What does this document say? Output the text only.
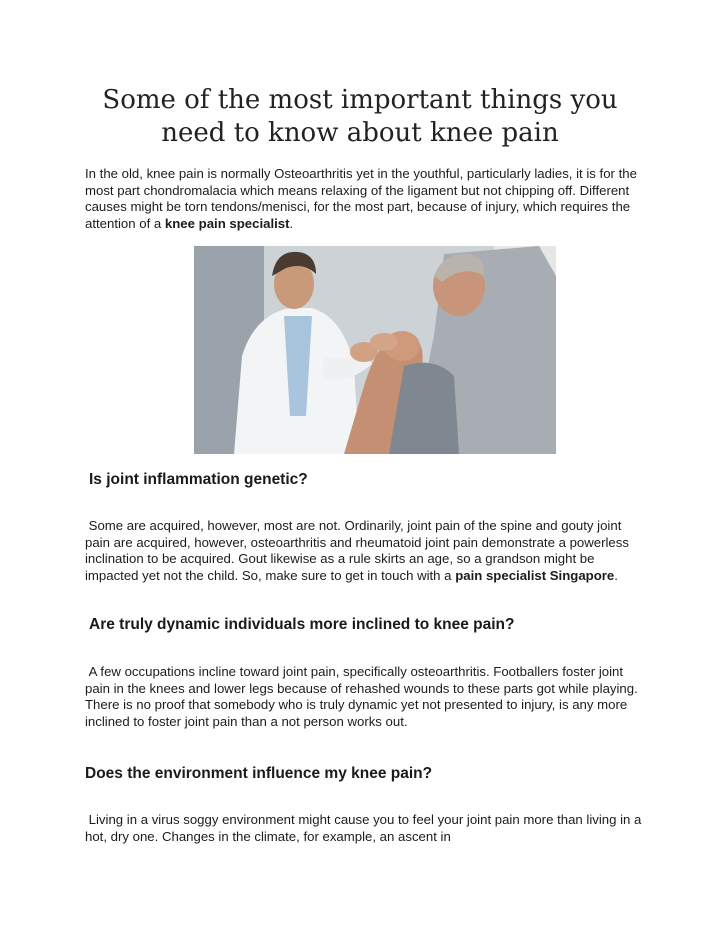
Some of the most important things you
need to know about knee pain

In the old, knee pain is normally Osteoarthritis yet in the youthful, particularly ladies, it is for the most part chondromalacia which means relaxing of the ligament but not chipping off. Different causes might be torn tendons/menisci, for the most part, because of injury, which requires the attention of a knee pain specialist.

Is joint inflammation genetic?

Some are acquired, however, most are not. Ordinarily, joint pain of the spine and gouty joint pain are acquired, however, osteoarthritis and rheumatoid joint pain demonstrate a powerless inclination to be acquired. Gout likewise as a rule skirts an age, so a grandson might be impacted yet not the child. So, make sure to get in touch with a pain specialist Singapore.

Are truly dynamic individuals more inclined to knee pain?

A few occupations incline toward joint pain, specifically osteoarthritis. Footballers foster joint pain in the knees and lower legs because of rehashed wounds to these parts got while playing. There is no proof that somebody who is truly dynamic yet not presented to injury, is any more inclined to foster joint pain than a not person works out.

Does the environment influence my knee pain?

Living in a virus soggy environment might cause you to feel your joint pain more than living in a hot, dry one. Changes in the climate, for example, an ascent in
